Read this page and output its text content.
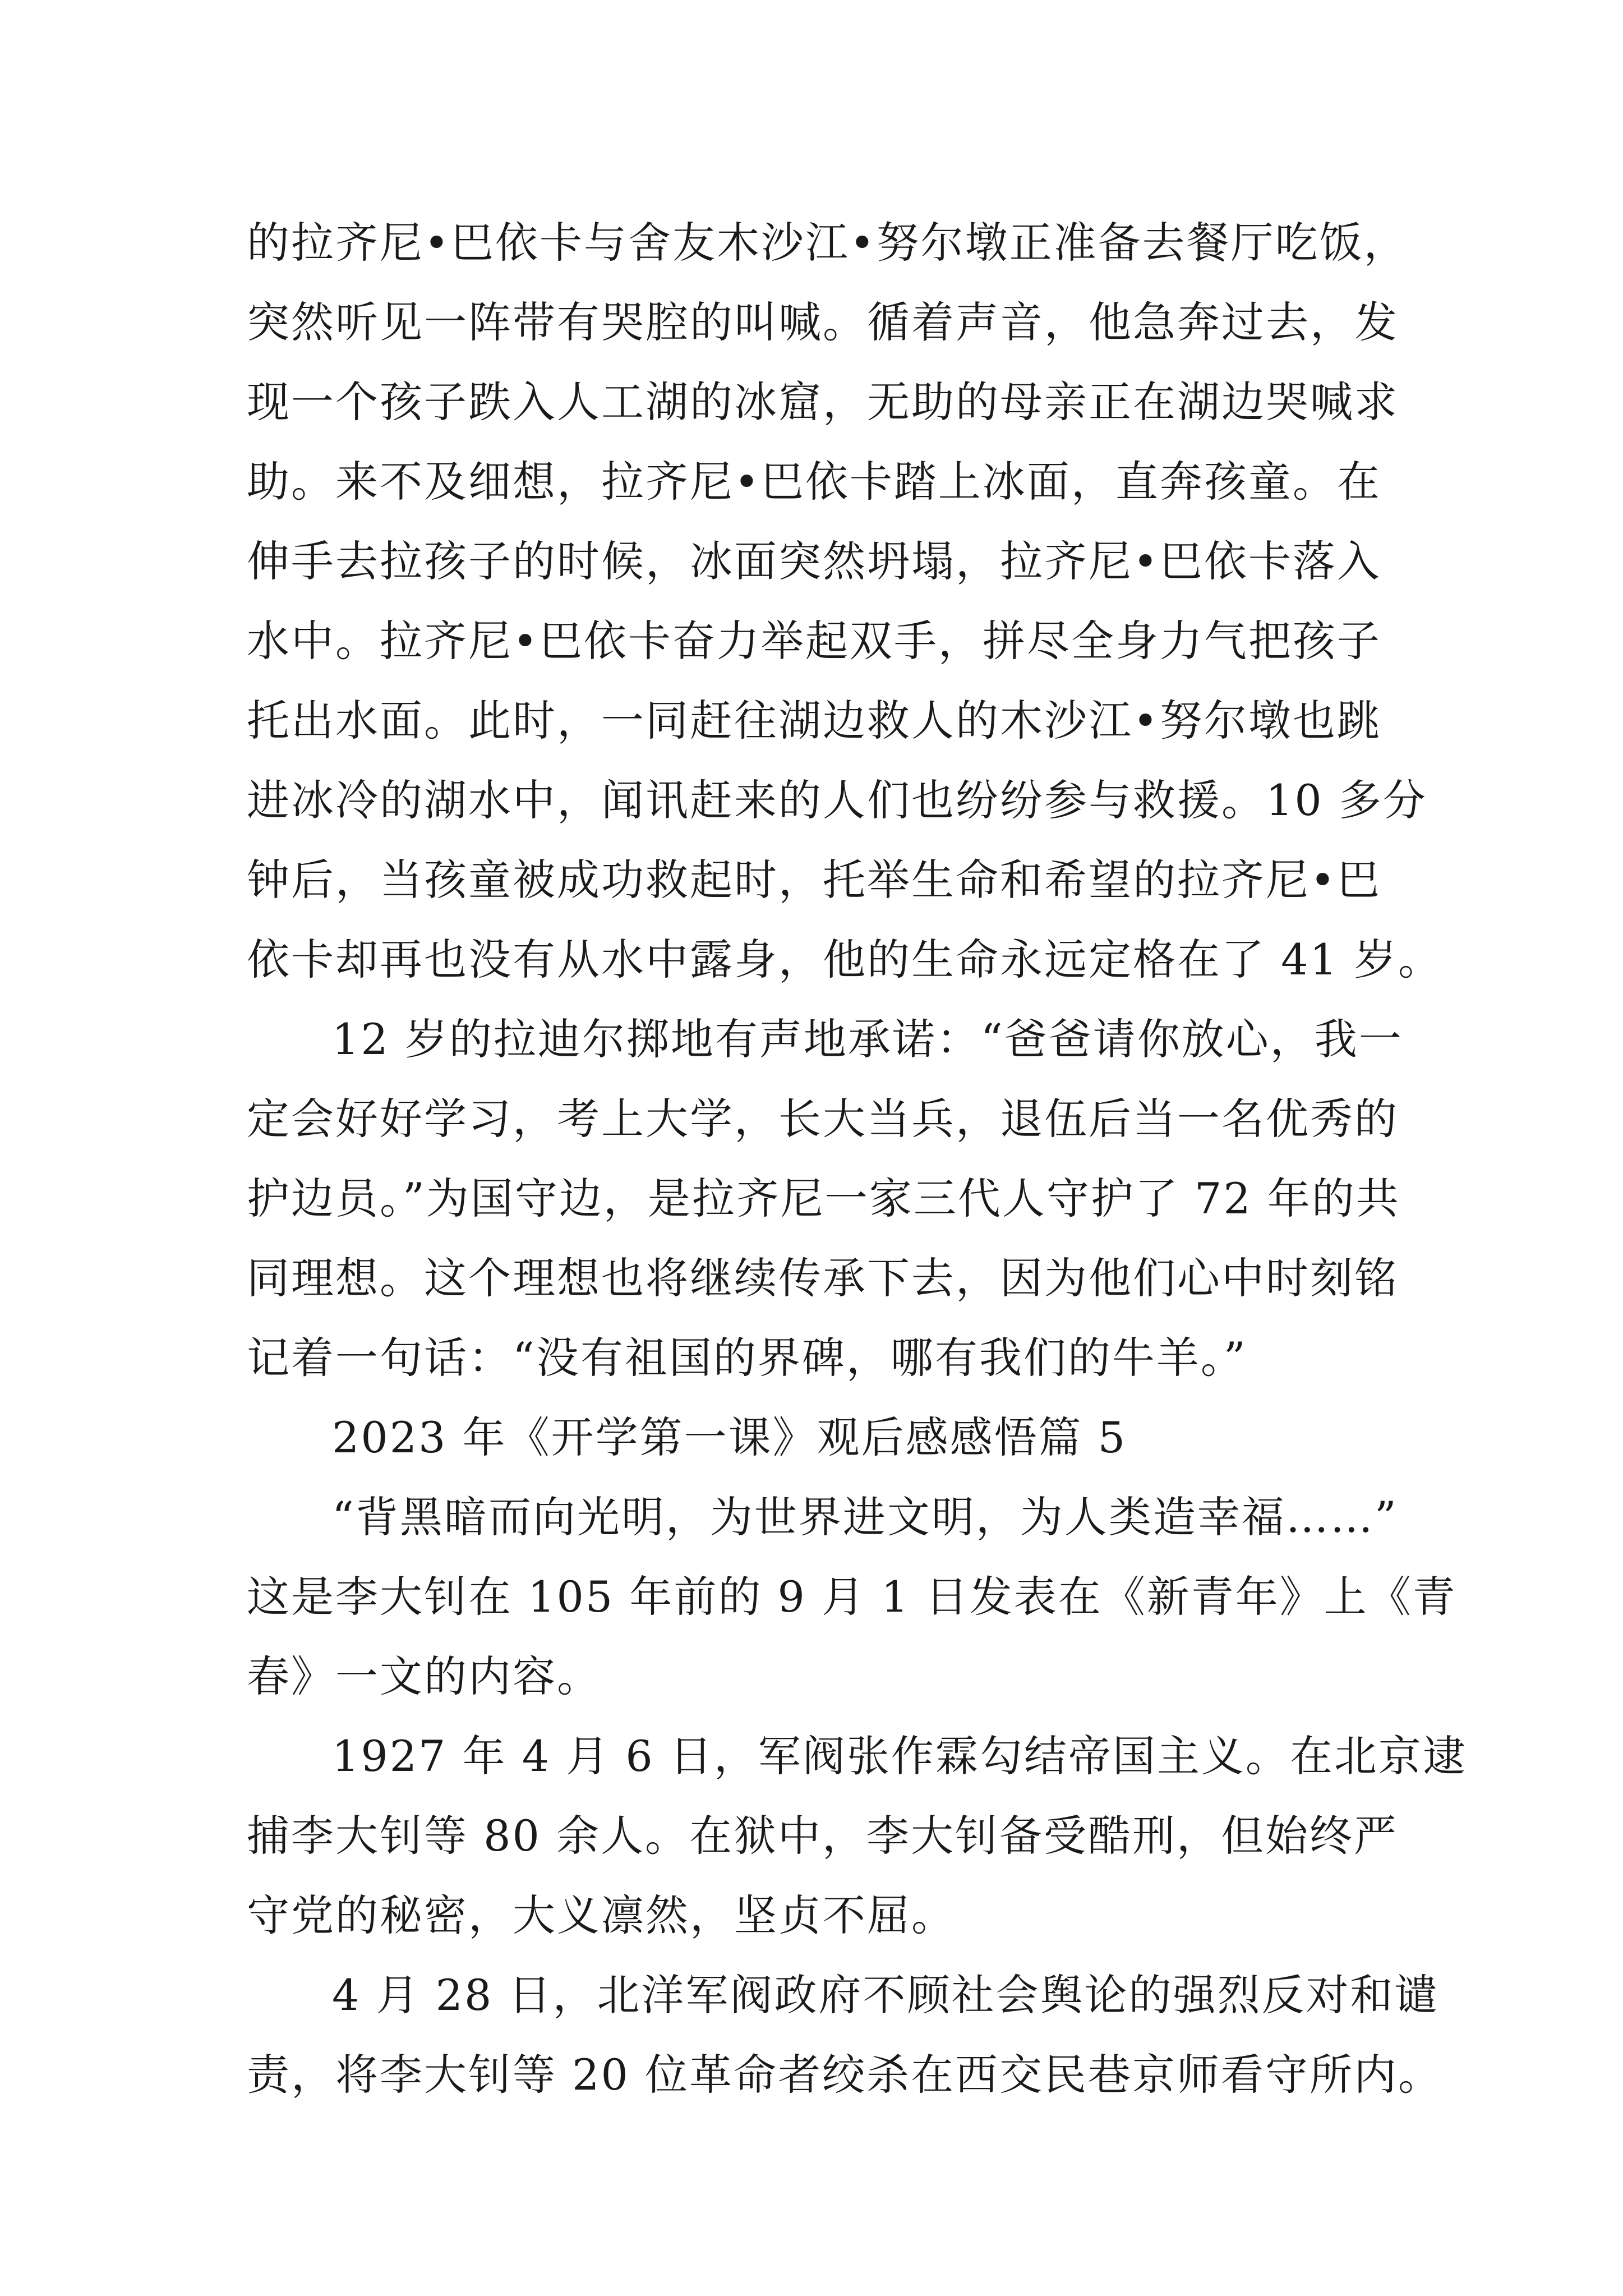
的拉齐尼•巴依卡与舍友木沙江•努尔墩正准备去餐厅吃饭，
突然听见一阵带有哭腔的叫喊。循着声音，他急奔过去，发
现一个孩子跌入人工湖的冰窟，无助的母亲正在湖边哭喊求
助。来不及细想，拉齐尼•巴依卡踏上冰面，直奔孩童。在
伸手去拉孩子的时候，冰面突然坍塌，拉齐尼•巴依卡落入
水中。拉齐尼•巴依卡奋力举起双手，拼尽全身力气把孩子
托出水面。此时，一同赶往湖边救人的木沙江•努尔墩也跳
进冰冷的湖水中，闻讯赶来的人们也纷纷参与救援。10 多分
钟后，当孩童被成功救起时，托举生命和希望的拉齐尼•巴
依卡却再也没有从水中露身，他的生命永远定格在了 41 岁。
12 岁的拉迪尔掷地有声地承诺：“爸爸请你放心，我一
定会好好学习，考上大学，长大当兵，退伍后当一名优秀的
护边员。”为国守边，是拉齐尼一家三代人守护了 72 年的共
同理想。这个理想也将继续传承下去，因为他们心中时刻铭
记着一句话：“没有祖国的界碑，哪有我们的牛羊。”
2023 年《开学第一课》观后感感悟篇 5
“背黑暗而向光明，为世界进文明，为人类造幸福……”
这是李大钊在 105 年前的 9 月 1 日发表在《新青年》上《青
春》一文的内容。
1927 年 4 月 6 日，军阀张作霖勾结帝国主义。在北京逮
捕李大钊等 80 余人。在狱中，李大钊备受酷刑，但始终严
守党的秘密，大义凛然，坚贞不屈。
4 月 28 日，北洋军阀政府不顾社会舆论的强烈反对和谴
责，将李大钊等 20 位革命者绞杀在西交民巷京师看守所内。
